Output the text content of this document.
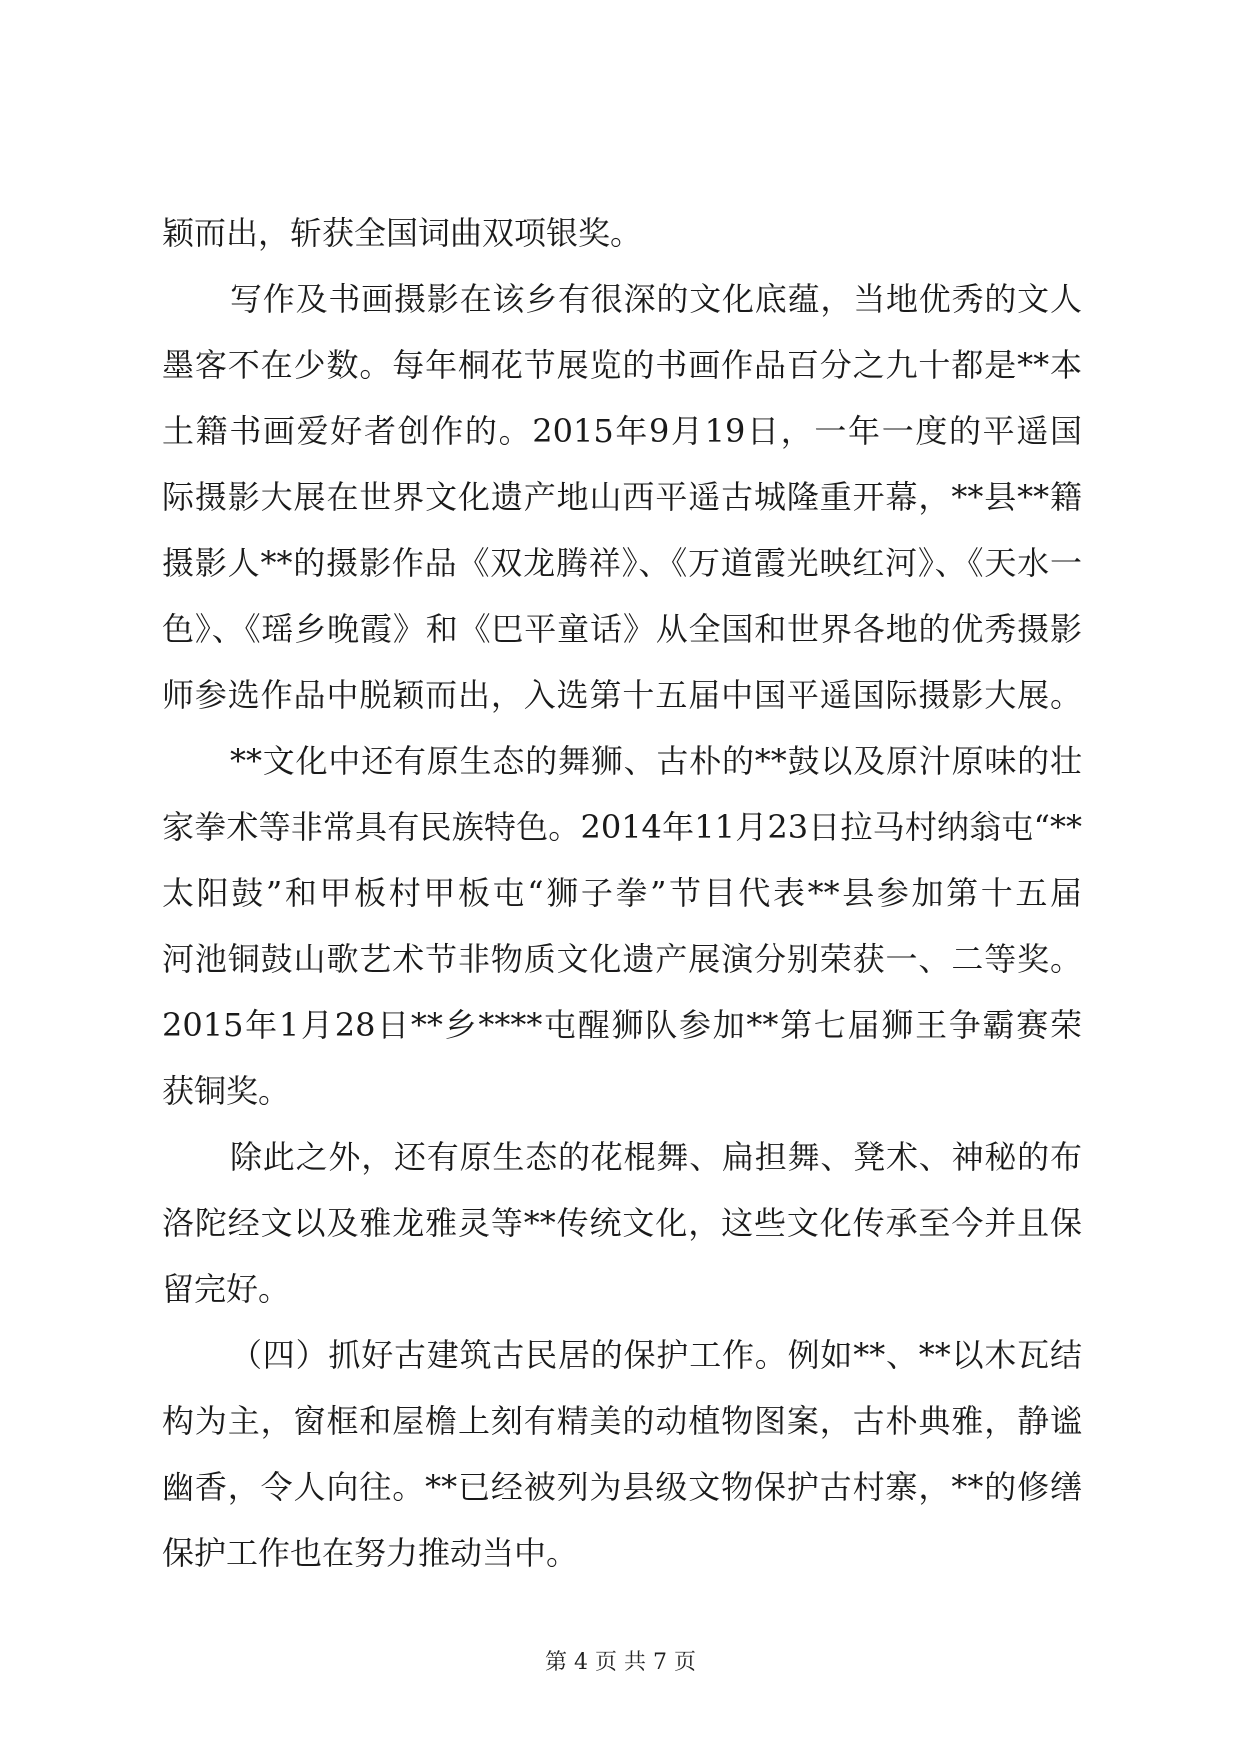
颖而出，斩获全国词曲双项银奖。
写作及书画摄影在该乡有很深的文化底蕴，当地优秀的文人
墨客不在少数。每年桐花节展览的书画作品百分之九十都是**本
土籍书画爱好者创作的。2015年9月19日，一年一度的平遥国
际摄影大展在世界文化遗产地山西平遥古城隆重开幕，**县**籍
摄影人**的摄影作品《双龙腾祥》、《万道霞光映红河》、《天水一
色》、《瑶乡晚霞》和《巴平童话》从全国和世界各地的优秀摄影
师参选作品中脱颖而出，入选第十五届中国平遥国际摄影大展。
**文化中还有原生态的舞狮、古朴的**鼓以及原汁原味的壮
家拳术等非常具有民族特色。2014年11月23日拉马村纳翁屯“**
太阳鼓”和甲板村甲板屯“狮子拳”节目代表**县参加第十五届
河池铜鼓山歌艺术节非物质文化遗产展演分别荣获一、二等奖。
2015年1月28日**乡****屯醒狮队参加**第七届狮王争霸赛荣
获铜奖。
除此之外，还有原生态的花棍舞、扁担舞、凳术、神秘的布
洛陀经文以及雅龙雅灵等**传统文化，这些文化传承至今并且保
留完好。
（四）抓好古建筑古民居的保护工作。例如**、**以木瓦结
构为主，窗框和屋檐上刻有精美的动植物图案，古朴典雅，静谧
幽香，令人向往。**已经被列为县级文物保护古村寨，**的修缮
保护工作也在努力推动当中。
第 4 页 共 7 页
